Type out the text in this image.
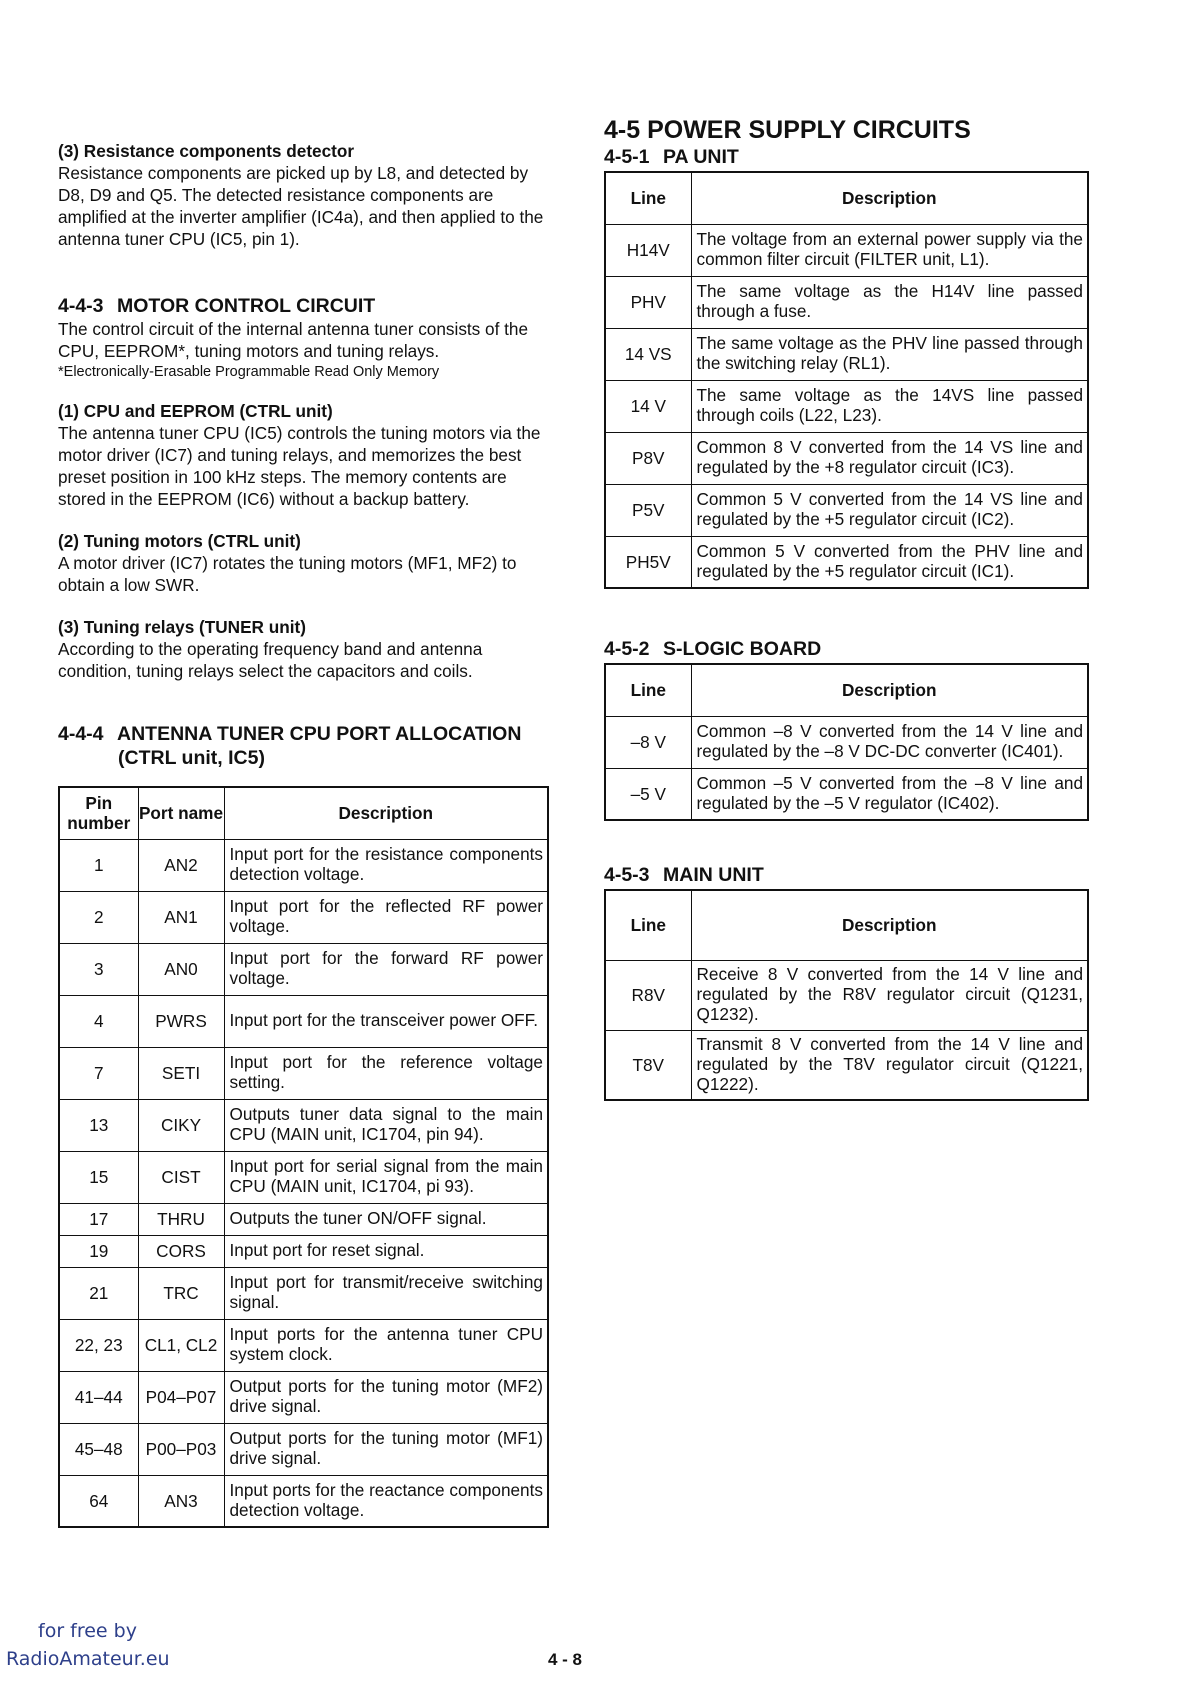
(3) Resistance components detector

Resistance components are picked up by L8, and detected by D8, D9 and Q5. The detected resistance components are amplified at the inverter amplifier (IC4a), and then applied to the antenna tuner CPU (IC5, pin 1).

4-4-3 MOTOR CONTROL CIRCUIT

The control circuit of the internal antenna tuner consists of the CPU, EEPROM*, tuning motors and tuning relays.

*Electronically-Erasable Programmable Read Only Memory
(1) CPU and EEPROM (CTRL unit)

The antenna tuner CPU (IC5) controls the tuning motors via the motor driver (IC7) and tuning relays, and memorizes the best preset position in 100 kHz steps. The memory contents are stored in the EEPROM (IC6) without a backup battery.

(2) Tuning motors (CTRL unit)

A motor driver (IC7) rotates the tuning motors (MF1, MF2) to obtain a low SWR.

(3) Tuning relays (TUNER unit)

According to the operating frequency band and antenna condition, tuning relays select the capacitors and coils.

4-4-4 ANTENNA TUNER CPU PORT ALLOCATION
(CTRL unit, IC5)
Pin number	Port name	Description
1	AN2	Input port for the resistance components detection voltage.
2	AN1	Input port for the reflected RF power voltage.
3	AN0	Input port for the forward RF power voltage.
4	PWRS	Input port for the transceiver power OFF.
7	SETI	Input port for the reference voltage setting.
13	CIKY	Outputs tuner data signal to the main CPU (MAIN unit, IC1704, pin 94).
15	CIST	Input port for serial signal from the main CPU (MAIN unit, IC1704, pi 93).
17	THRU	Outputs the tuner ON/OFF signal.
19	CORS	Input port for reset signal.
21	TRC	Input port for transmit/receive switching signal.
22, 23	CL1, CL2	Input ports for the antenna tuner CPU system clock.
41–44	P04–P07	Output ports for the tuning motor (MF2) drive signal.
45–48	P00–P03	Output ports for the tuning motor (MF1) drive signal.
64	AN3	Input ports for the reactance components detection voltage.
4-5 POWER SUPPLY CIRCUITS
4-5-1 PA UNIT
Line	Description
H14V	The voltage from an external power supply via the common filter circuit (FILTER unit, L1).
PHV	The same voltage as the H14V line passed through a fuse.
14 VS	The same voltage as the PHV line passed through the switching relay (RL1).
14 V	The same voltage as the 14VS line passed through coils (L22, L23).
P8V	Common 8 V converted from the 14 VS line and regulated by the +8 regulator circuit (IC3).
P5V	Common 5 V converted from the 14 VS line and regulated by the +5 regulator circuit (IC2).
PH5V	Common 5 V converted from the PHV line and regulated by the +5 regulator circuit (IC1).
4-5-2 S-LOGIC BOARD
Line	Description
–8 V	Common –8 V converted from the 14 V line and regulated by the –8 V DC-DC converter (IC401).
–5 V	Common –5 V converted from the –8 V line and regulated by the –5 V regulator (IC402).
4-5-3 MAIN UNIT
Line	Description
R8V	Receive 8 V converted from the 14 V line and regulated by the R8V regulator circuit (Q1231, Q1232).
T8V	Transmit 8 V converted from the 14 V line and regulated by the T8V regulator circuit (Q1221, Q1222).
for free by
RadioAmateur.eu	4 - 8
